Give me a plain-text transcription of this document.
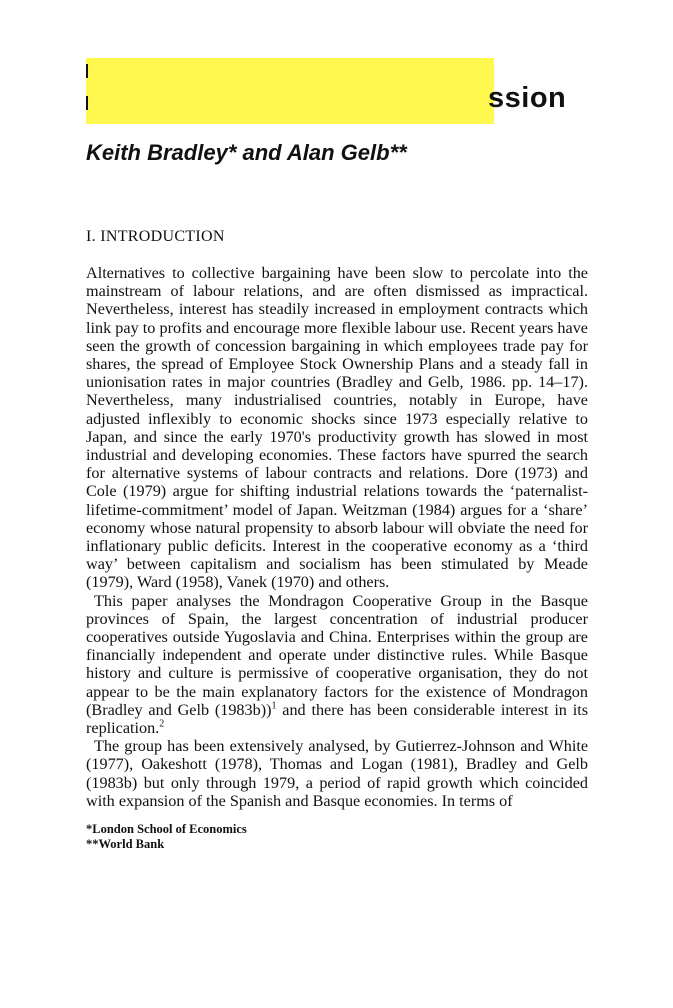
ssion
Keith Bradley* and Alan Gelb**
I. INTRODUCTION

Alternatives to collective bargaining have been slow to percolate into the mainstream of labour relations, and are often dismissed as impractical. Nevertheless, interest has steadily increased in employment contracts which link pay to profits and encourage more flexible labour use. Recent years have seen the growth of concession bargaining in which employees trade pay for shares, the spread of Employee Stock Ownership Plans and a steady fall in unionisation rates in major countries (Bradley and Gelb, 1986. pp. 14–17). Nevertheless, many industrialised countries, notably in Europe, have adjusted inflexibly to economic shocks since 1973 especially relative to Japan, and since the early 1970's productivity growth has slowed in most industrial and developing economies. These factors have spurred the search for alternative systems of labour contracts and relations. Dore (1973) and Cole (1979) argue for shifting industrial relations towards the ‘paternalist-lifetime-commitment’ model of Japan. Weitzman (1984) argues for a ‘share’ economy whose natural propensity to absorb labour will obviate the need for inflationary public deficits. Interest in the cooperative economy as a ‘third way’ between capitalism and socialism has been stimulated by Meade (1979), Ward (1958), Vanek (1970) and others.

This paper analyses the Mondragon Cooperative Group in the Basque provinces of Spain, the largest concentration of industrial producer cooperatives outside Yugoslavia and China. Enterprises within the group are financially independent and operate under distinctive rules. While Basque history and culture is permissive of cooperative organisation, they do not appear to be the main explanatory factors for the existence of Mondragon (Bradley and Gelb (1983b))$^1$ and there has been considerable interest in its replication.$^2$

The group has been extensively analysed, by Gutierrez-Johnson and White (1977), Oakeshott (1978), Thomas and Logan (1981), Bradley and Gelb (1983b) but only through 1979, a period of rapid growth which coincided with expansion of the Spanish and Basque economies. In terms of

*London School of Economics
**World Bank
